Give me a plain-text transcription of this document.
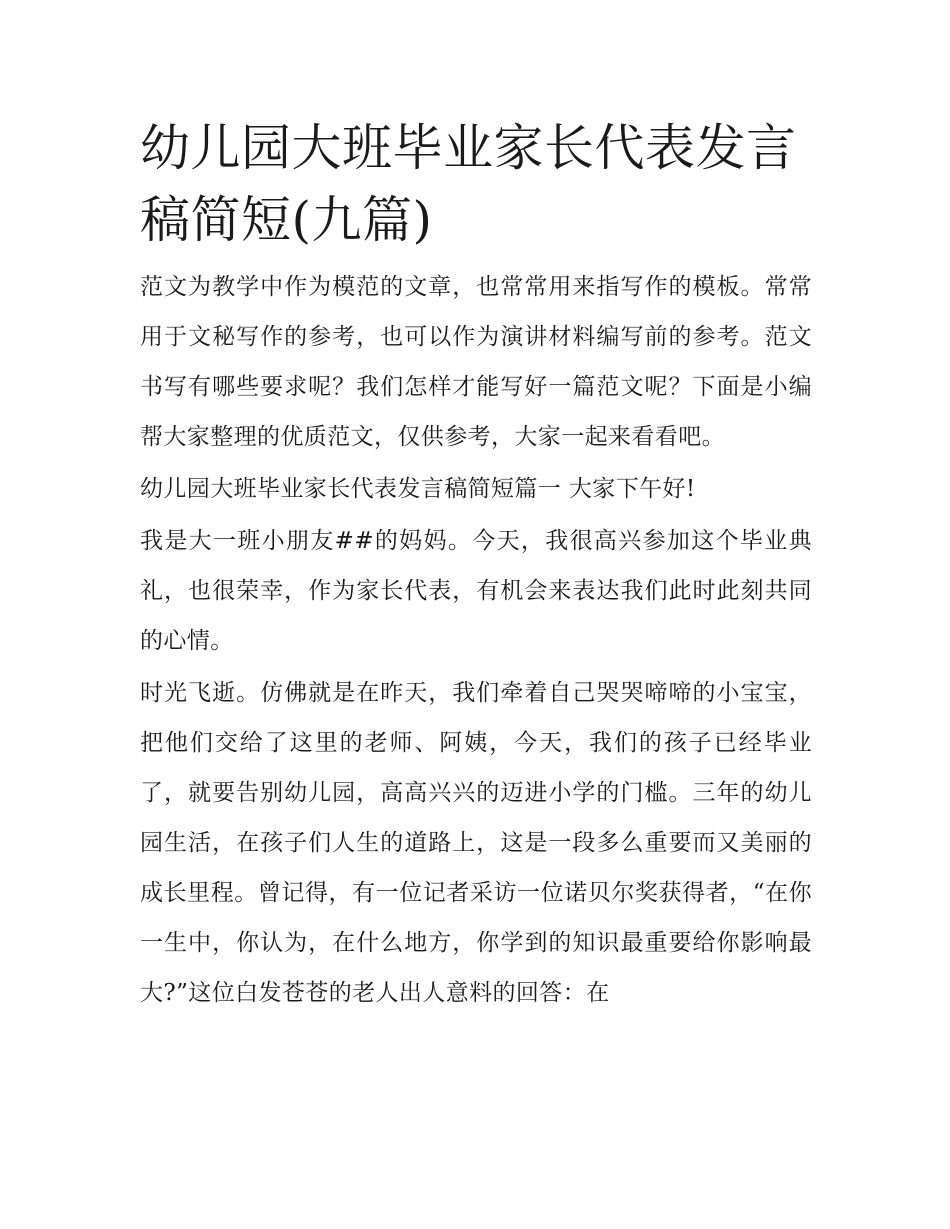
幼儿园大班毕业家长代表发言稿简短(九篇)

范文为教学中作为模范的文章，也常常用来指写作的模板。常常用于文秘写作的参考，也可以作为演讲材料编写前的参考。范文书写有哪些要求呢？我们怎样才能写好一篇范文呢？下面是小编帮大家整理的优质范文，仅供参考，大家一起来看看吧。

幼儿园大班毕业家长代表发言稿简短篇一 大家下午好!

我是大一班小朋友##的妈妈。今天，我很高兴参加这个毕业典礼，也很荣幸，作为家长代表，有机会来表达我们此时此刻共同的心情。

时光飞逝。仿佛就是在昨天，我们牵着自己哭哭啼啼的小宝宝，把他们交给了这里的老师、阿姨，今天，我们的孩子已经毕业了，就要告别幼儿园，高高兴兴的迈进小学的门槛。三年的幼儿园生活，在孩子们人生的道路上，这是一段多么重要而又美丽的成长里程。曾记得，有一位记者采访一位诺贝尔奖获得者，“在你一生中，你认为，在什么地方，你学到的知识最重要给你影响最大?”这位白发苍苍的老人出人意料的回答：在
